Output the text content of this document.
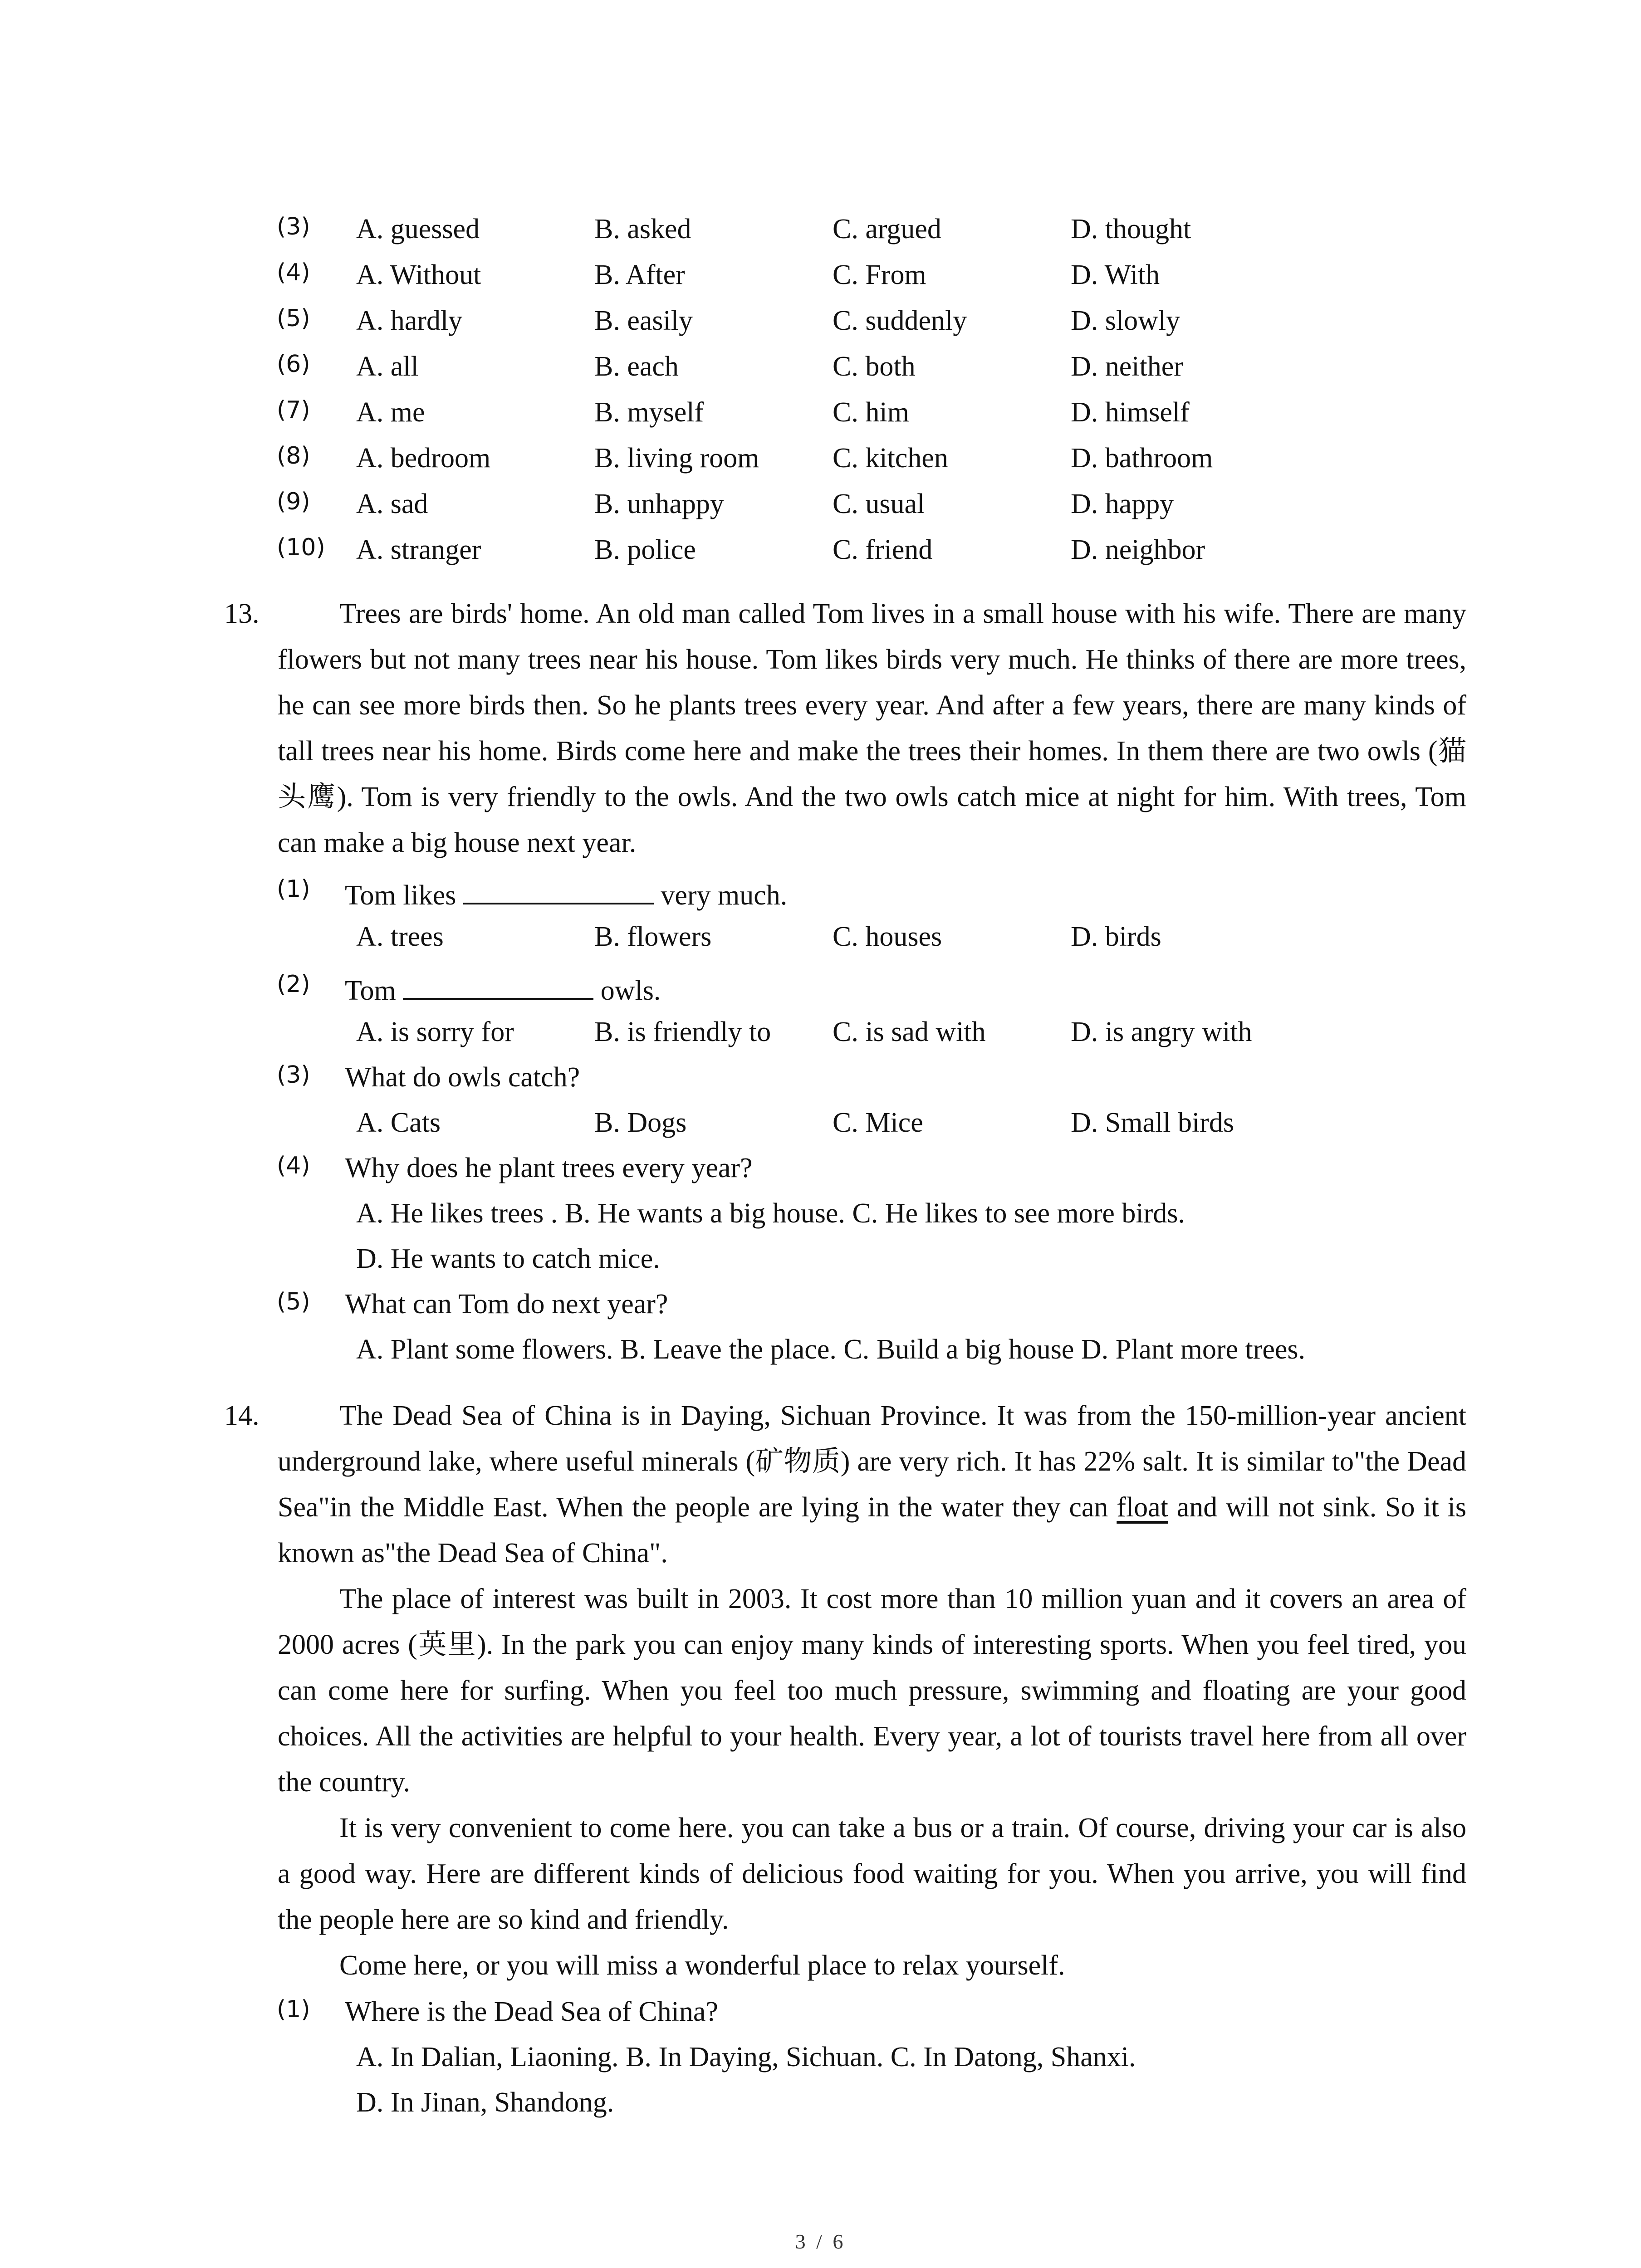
(3) A. guessed	B. asked	C. argued	D. thought
(4) A. Without	B. After	C. From	D. With
(5) A. hardly	B. easily	C. suddenly	D. slowly
(6) A. all	B. each	C. both	D. neither
(7) A. me	B. myself	C. him	D. himself
(8) A. bedroom	B. living room	C. kitchen	D. bathroom
(9) A. sad	B. unhappy	C. usual	D. happy
(10) A. stranger	B. police	C. friend	D. neighbor
13.	Trees are birds' home. An old man called Tom lives in a small house with his wife. There are many flowers but not many trees near his house. Tom likes birds very much. He thinks of there are more trees, he can see more birds then. So he plants trees every year. And after a few years, there are many kinds of tall trees near his home. Birds come here and make the trees their homes. In them there are two owls (猫头鹰). Tom is very friendly to the owls. And the two owls catch mice at night for him. With trees, Tom can make a big house next year.

(1) Tom likes	very much.
A. trees	B. flowers	C. houses	D. birds
(2) Tom	owls.
A. is sorry for	B. is friendly to C. is sad with	D. is angry with
(3) What do owls catch?
A. Cats	B. Dogs	C. Mice	D. Small birds
(4) Why does he plant trees every year?
A. He likes trees . B. He wants a big house. C. He likes to see more birds.
D. He wants to catch mice.
(5) What can Tom do next year?
A. Plant some flowers. B. Leave the place. C. Build a big house D. Plant more trees.
14.	The Dead Sea of China is in Daying, Sichuan Province. It was from the 150-million-year ancient underground lake, where useful minerals (矿物质) are very rich. It has 22% salt. It is similar to"the Dead Sea"in the Middle East. When the people are lying in the water they can float and will not sink. So it is known as"the Dead Sea of China".

The place of interest was built in 2003. It cost more than 10 million yuan and it covers an area of 2000 acres (英里). In the park you can enjoy many kinds of interesting sports. When you feel tired, you can come here for surfing. When you feel too much pressure, swimming and floating are your good choices. All the activities are helpful to your health. Every year, a lot of tourists travel here from all over the country.

It is very convenient to come here. you can take a bus or a train. Of course, driving your car is also a good way. Here are different kinds of delicious food waiting for you. When you arrive, you will find the people here are so kind and friendly.

Come here, or you will miss a wonderful place to relax yourself.

(1) Where is the Dead Sea of China?
A. In Dalian, Liaoning. B. In Daying, Sichuan. C. In Datong, Shanxi.
D. In Jinan, Shandong.
3 / 6
